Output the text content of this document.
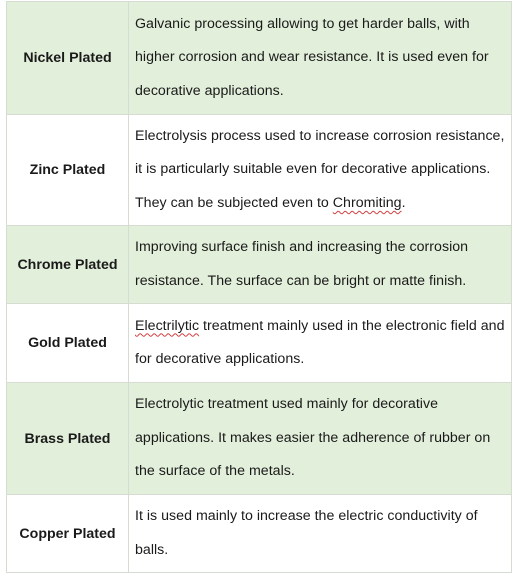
Nickel Plated	Galvanic processing allowing to get harder balls, with higher corrosion and wear resistance. It is used even for decorative applications.
Zinc Plated	Electrolysis process used to increase corrosion resistance, it is particularly suitable even for decorative applications. They can be subjected even to Chromiting.
Chrome Plated	Improving surface finish and increasing the corrosion resistance. The surface can be bright or matte finish.
Gold Plated	Electrilytic treatment mainly used in the electronic field and for decorative applications.
Brass Plated	Electrolytic treatment used mainly for decorative applications. It makes easier the adherence of rubber on the surface of the metals.
Copper Plated	It is used mainly to increase the electric conductivity of balls.
